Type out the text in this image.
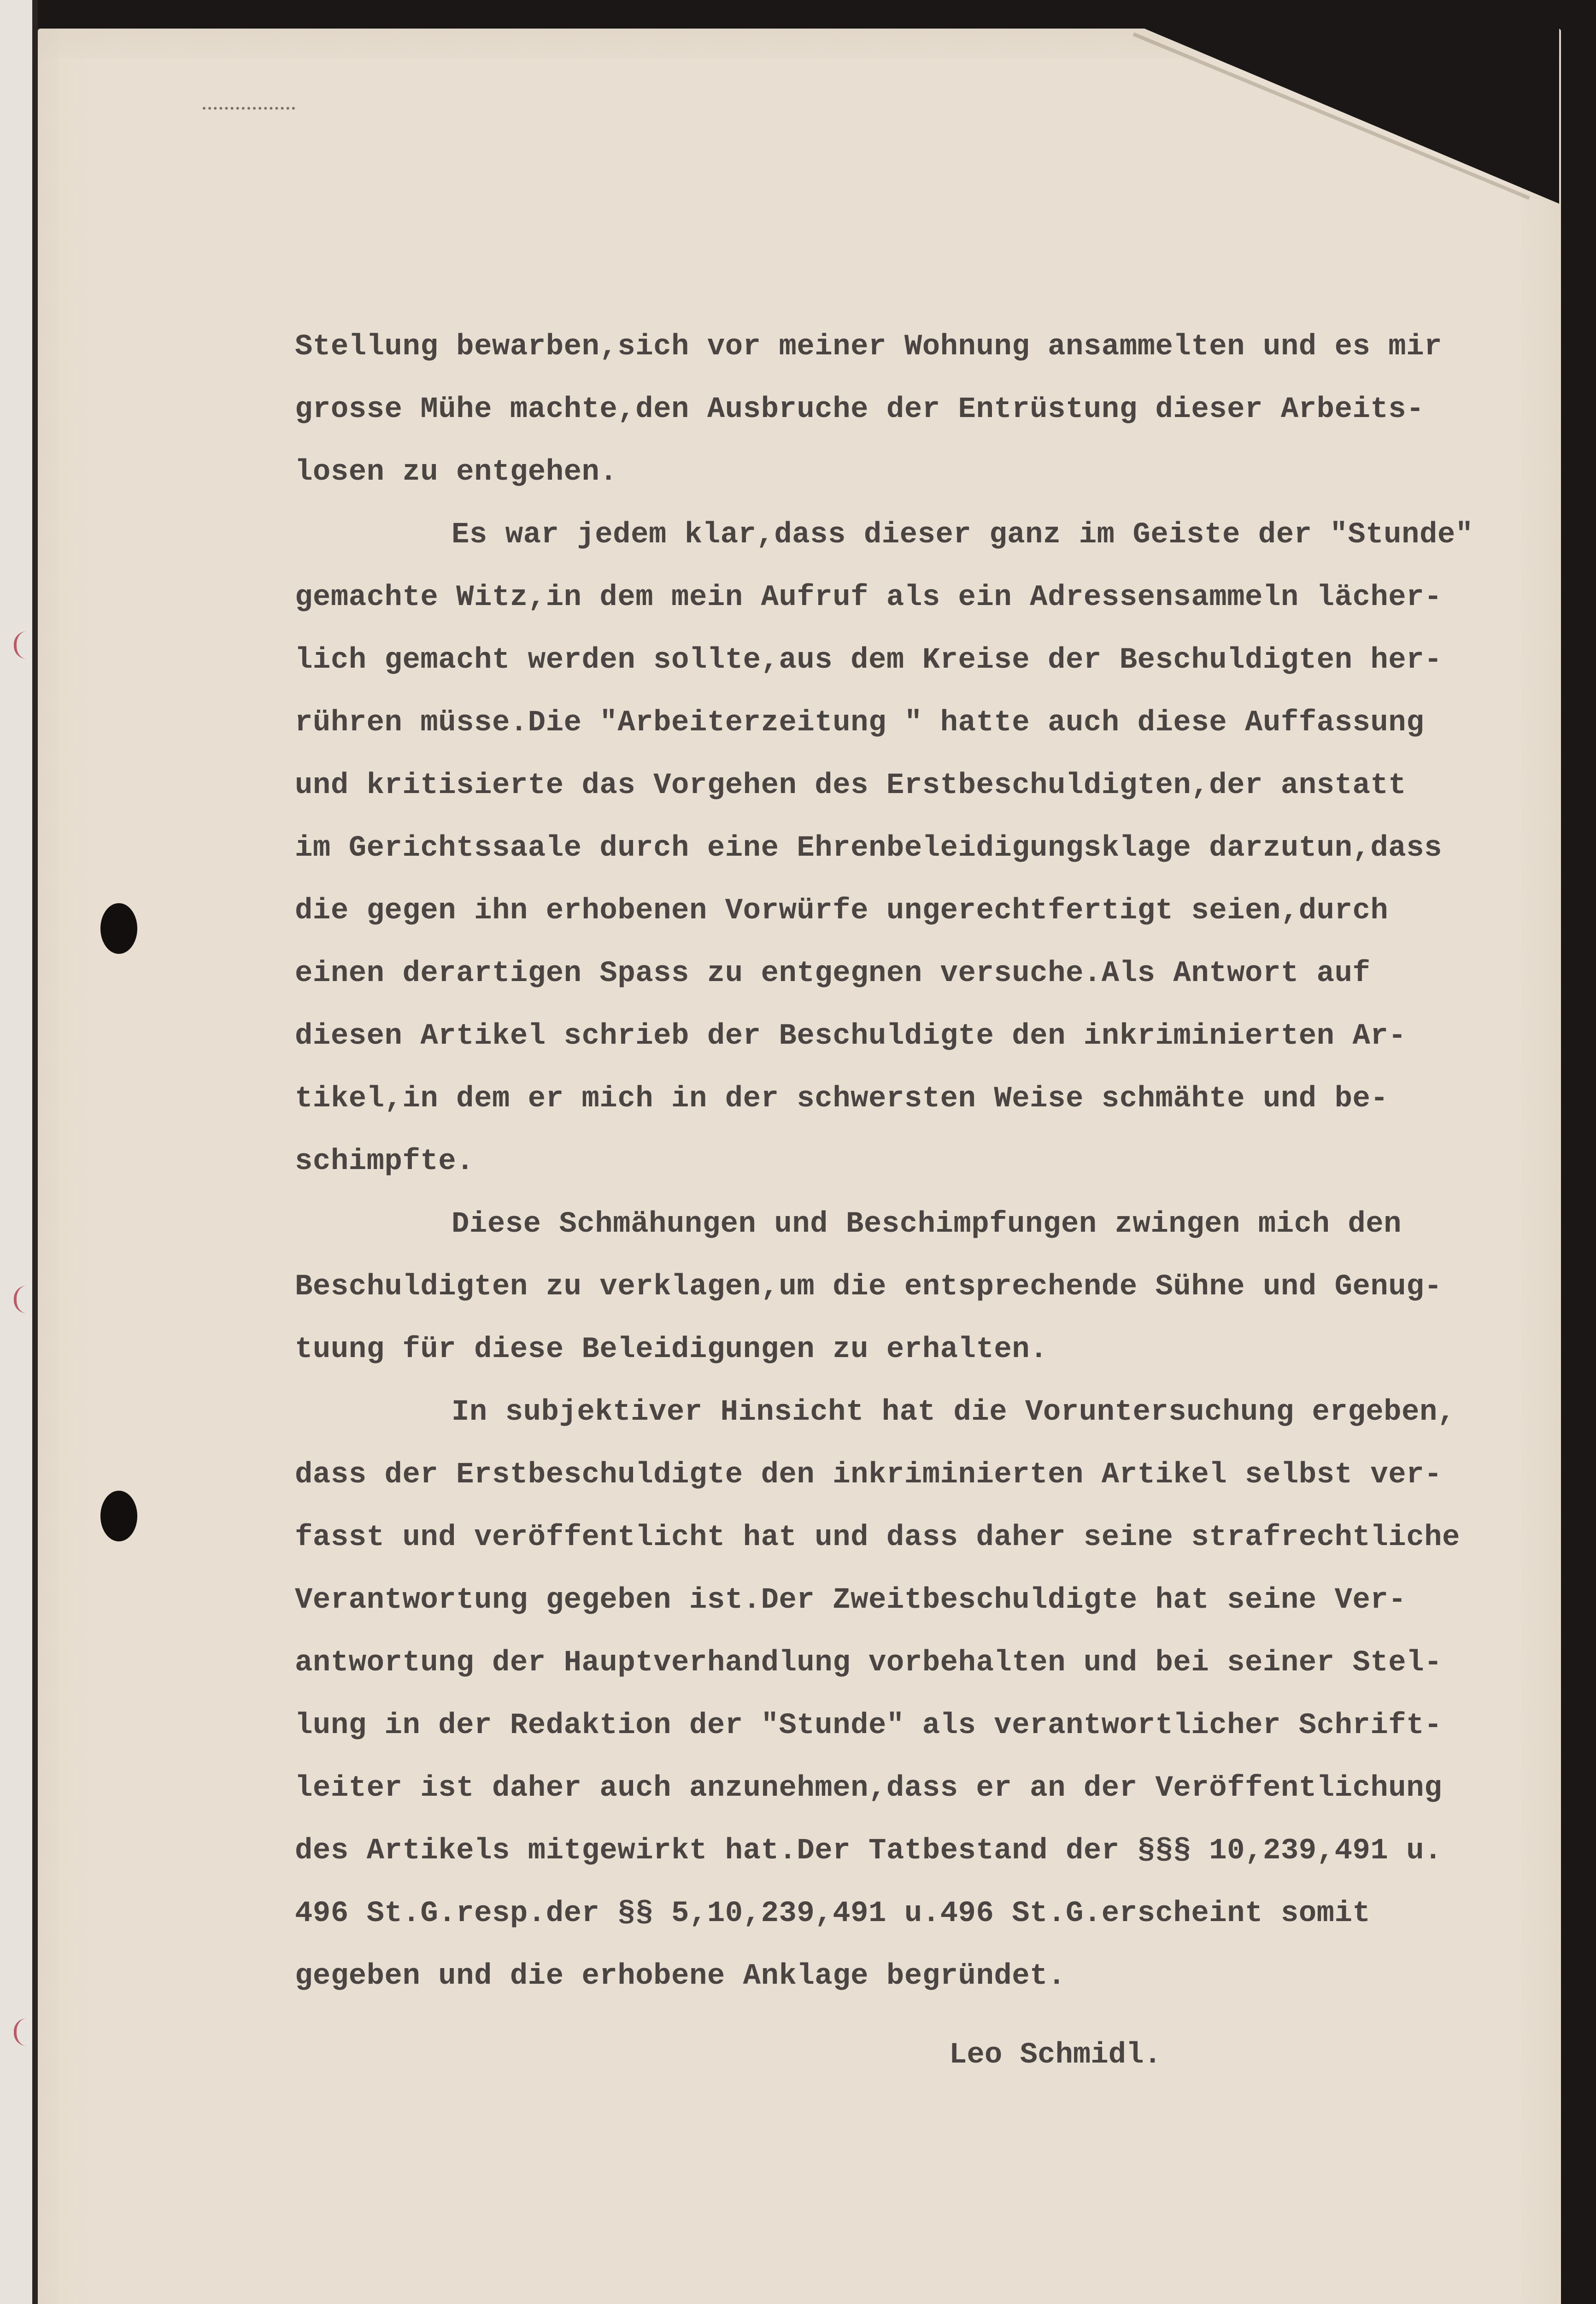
Stellung bewarben,sich vor meiner Wohnung ansammelten und es mir
grosse Mühe machte,den Ausbruche der Entrüstung dieser Arbeits-
losen zu entgehen.
Es war jedem klar,dass dieser ganz im Geiste der "Stunde"
gemachte Witz,in dem mein Aufruf als ein Adressensammeln lächer-
lich gemacht werden sollte,aus dem Kreise der Beschuldigten her-
rühren müsse.Die "Arbeiterzeitung " hatte auch diese Auffassung
und kritisierte das Vorgehen des Erstbeschuldigten,der anstatt
im Gerichtssaale durch eine Ehrenbeleidigungsklage darzutun,dass
die gegen ihn erhobenen Vorwürfe ungerechtfertigt seien,durch
einen derartigen Spass zu entgegnen versuche.Als Antwort auf
diesen Artikel schrieb der Beschuldigte den inkriminierten Ar-
tikel,in dem er mich in der schwersten Weise schmähte und be-
schimpfte.
Diese Schmähungen und Beschimpfungen zwingen mich den
Beschuldigten zu verklagen,um die entsprechende Sühne und Genug-
tuung für diese Beleidigungen zu erhalten.
In subjektiver Hinsicht hat die Voruntersuchung ergeben,
dass der Erstbeschuldigte den inkriminierten Artikel selbst ver-
fasst und veröffentlicht hat und dass daher seine strafrechtliche
Verantwortung gegeben ist.Der Zweitbeschuldigte hat seine Ver-
antwortung der Hauptverhandlung vorbehalten und bei seiner Stel-
lung in der Redaktion der "Stunde" als verantwortlicher Schrift-
leiter ist daher auch anzunehmen,dass er an der Veröffentlichung
des Artikels mitgewirkt hat.Der Tatbestand der §§§ 10,239,491 u.
496 St.G.resp.der §§ 5,10,239,491 u.496 St.G.erscheint somit
gegeben und die erhobene Anklage begründet.
Leo Schmidl.
